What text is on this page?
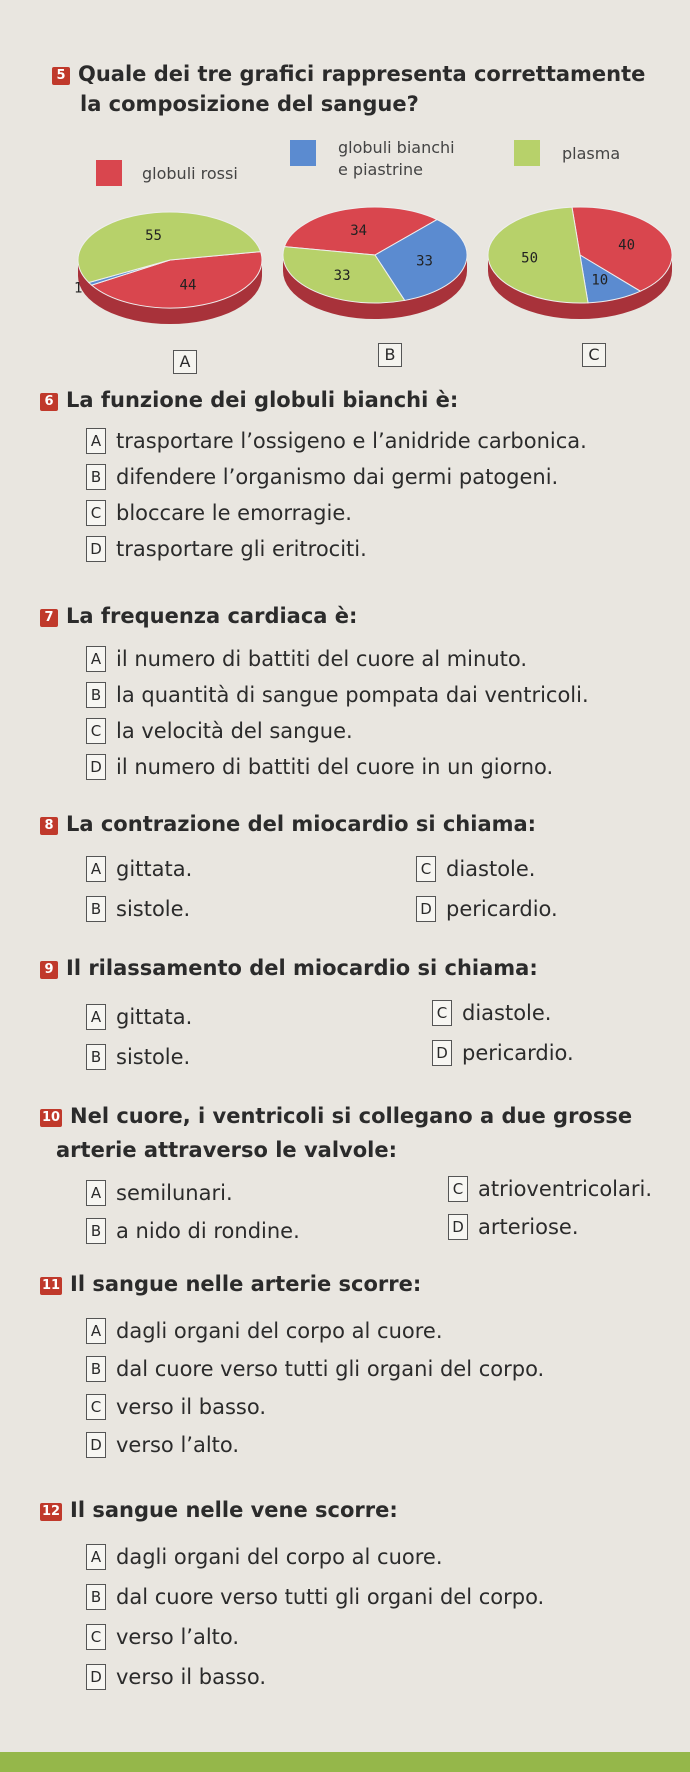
5 Quale dei tre grafici rappresenta correttamente
la composizione del sangue?
globuli rossi
globuli bianchi
e piastrine
plasma
44
1
55	34
33
33
40
10
50
A	B	C
6 La funzione dei globuli bianchi è:
A trasportare l’ossigeno e l’anidride carbonica.
B difendere l’organismo dai germi patogeni.
C bloccare le emorragie.
D trasportare gli eritrociti.
7 La frequenza cardiaca è:
A il numero di battiti del cuore al minuto.
B la quantità di sangue pompata dai ventricoli.
C la velocità del sangue.
D il numero di battiti del cuore in un giorno.
8 La contrazione del miocardio si chiama:
A gittata.
B sistole.
C diastole.
D pericardio.
9 Il rilassamento del miocardio si chiama:
A gittata.
B sistole.
C diastole.
D pericardio.
10 Nel cuore, i ventricoli si collegano a due grosse
arterie attraverso le valvole:
A semilunari.
B a nido di rondine.
C atrioventricolari.
D arteriose.
11 Il sangue nelle arterie scorre:
A dagli organi del corpo al cuore.
B dal cuore verso tutti gli organi del corpo.
C verso il basso.
D verso l’alto.
12 Il sangue nelle vene scorre:
A dagli organi del corpo al cuore.
B dal cuore verso tutti gli organi del corpo.
C verso l’alto.
D verso il basso.
